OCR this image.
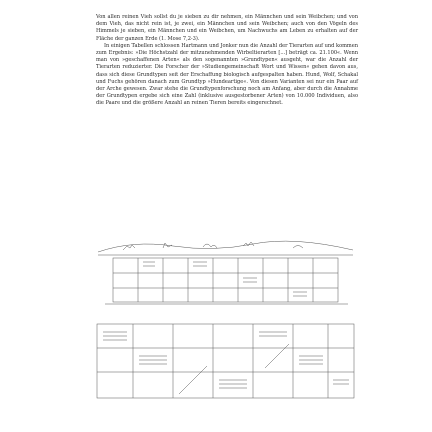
Von allen reinen Vieh sollst du je sieben zu dir nehmen, ein Männchen und sein Weibchen; und von dem Vieh, das nicht rein ist, je zwei, ein Männchen und sein Weibchen; auch von den Vögeln des Himmels je sieben, ein Männchen und ein Weibchen, um Nachwuchs am Leben zu erhalten auf der Fläche der ganzen Erde (1. Mose 7,2-3).

In einigen Tabellen schlossen Hartmann und Jonker nun die Anzahl der Tierarten auf und kommen zum Ergebnis: »Die Höchstzahl der mitzunehmenden Wirbeltierarten [...] beträgt ca. 21.100«. Wenn man von »geschaffenen Arten« als den sogenannten »Grundtypen« ausgeht, war die Anzahl der Tierarten reduzierter. Die Forscher der »Studiengemeinschaft Wort und Wissen« gehen davon aus, dass sich diese Grundtypen seit der Erschaffung biologisch aufgespalten haben. Hund, Wolf, Schakal und Fuchs gehören danach zum Grundtyp »Hundeartige«. Von diesen Varianten sei nur ein Paar auf der Arche gewesen. Zwar stehe die Grundtypenforschung noch am Anfang, aber durch die Annahme der Grundtypen ergebe sich eine Zahl (inklusive ausgestorbener Arten) von 10.000 Individuen, also die Paare und die größere Anzahl an reinen Tieren bereits eingerechnet.
